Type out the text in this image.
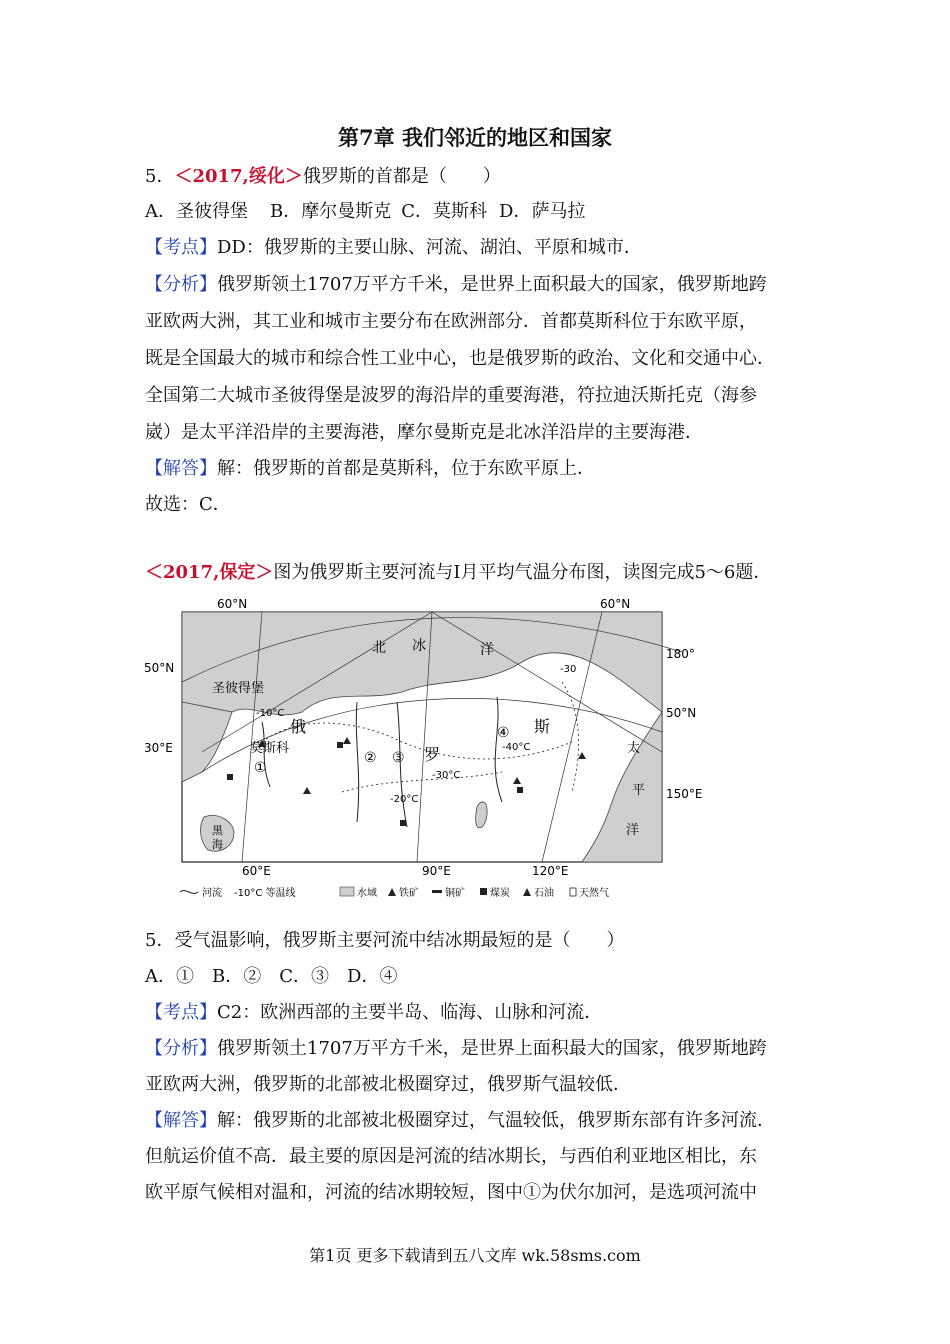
第7章 我们邻近的地区和国家
5．＜2017,绥化＞俄罗斯的首都是（　　）
A．圣彼得堡 B．摩尔曼斯克 C．莫斯科 D．萨马拉
【考点】DD：俄罗斯的主要山脉、河流、湖泊、平原和城市．
【分析】俄罗斯领土1707万平方千米，是世界上面积最大的国家，俄罗斯地跨
亚欧两大洲，其工业和城市主要分布在欧洲部分．首都莫斯科位于东欧平原，
既是全国最大的城市和综合性工业中心，也是俄罗斯的政治、文化和交通中心．
全国第二大城市圣彼得堡是波罗的海沿岸的重要海港，符拉迪沃斯托克（海参
崴）是太平洋沿岸的主要海港，摩尔曼斯克是北冰洋沿岸的主要海港．
【解答】解：俄罗斯的首都是莫斯科，位于东欧平原上．
故选：C．
＜2017,保定＞图为俄罗斯主要河流与Ⅰ月平均气温分布图，读图完成5～6题．
60°N	60°N
50°N
50°N
180°
30°E
150°E
60°E	90°E	120°E
北 冰	洋
圣彼得堡
莫斯科
俄
罗
斯
太
平
洋
黑
海
①
② ③
④
-10°C
-20°C
-30°C
-40°C
-30
河流 -10°C 等温线	水域 铁矿	铜矿	煤炭 石油	天然气
5．受气温影响，俄罗斯主要河流中结冰期最短的是（　　）
A．① B．② C．③ D．④
【考点】C2：欧洲西部的主要半岛、临海、山脉和河流．
【分析】俄罗斯领土1707万平方千米，是世界上面积最大的国家，俄罗斯地跨
亚欧两大洲，俄罗斯的北部被北极圈穿过，俄罗斯气温较低．
【解答】解：俄罗斯的北部被北极圈穿过，气温较低，俄罗斯东部有许多河流．
但航运价值不高．最主要的原因是河流的结冰期长，与西伯利亚地区相比，东
欧平原气候相对温和，河流的结冰期较短，图中①为伏尔加河，是选项河流中
第1页 更多下载请到五八文库 wk.58sms.com
